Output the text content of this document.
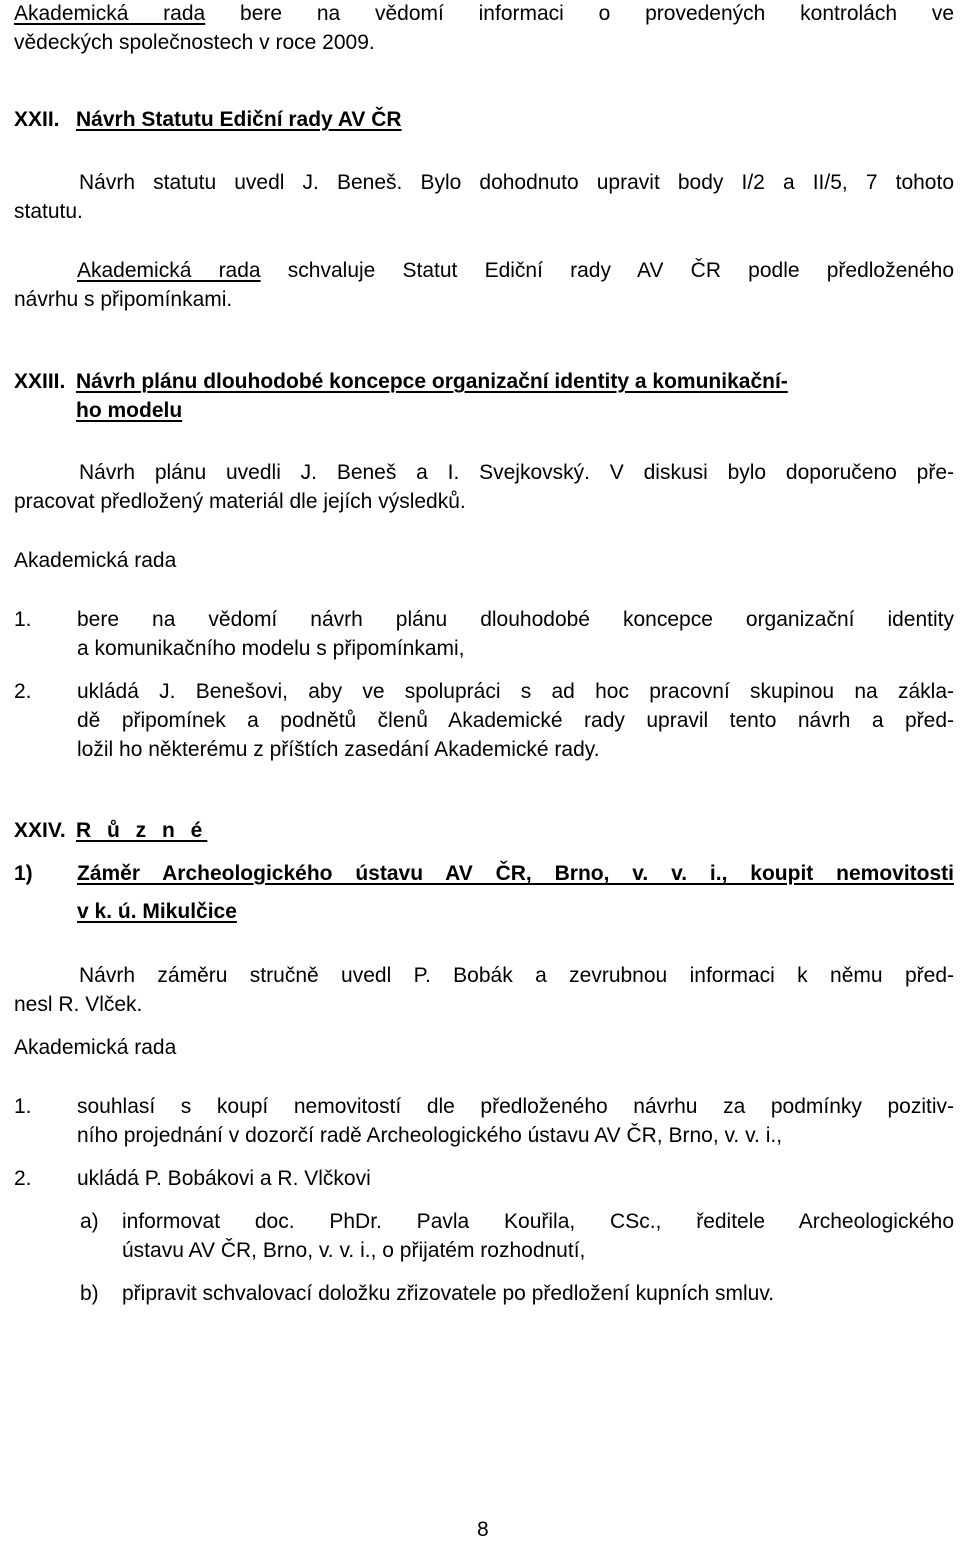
Akademická rada bere na vědomí informaci o provedených kontrolách ve
vědeckých společnostech v roce 2009.
XXII. Návrh Statutu Ediční rady AV ČR
Návrh statutu uvedl J. Beneš. Bylo dohodnuto upravit body I/2 a II/5, 7 tohoto
statutu.
Akademická rada schvaluje Statut Ediční rady AV ČR podle předloženého
návrhu s připomínkami.
XXIII. Návrh plánu dlouhodobé koncepce organizační identity a komunikační-
ho modelu
Návrh plánu uvedli J. Beneš a I. Svejkovský. V diskusi bylo doporučeno pře-
pracovat předložený materiál dle jejích výsledků.
Akademická rada
1. bere na vědomí návrh plánu dlouhodobé koncepce organizační identity
a komunikačního modelu s připomínkami,
2. ukládá J. Benešovi, aby ve spolupráci s ad hoc pracovní skupinou na zákla-
dě připomínek a podnětů členů Akademické rady upravil tento návrh a před-
ložil ho některému z příštích zasedání Akademické rady.
XXIV. R ů z n é
1) Záměr Archeologického ústavu AV ČR, Brno, v. v. i., koupit nemovitosti
v k. ú. Mikulčice
Návrh záměru stručně uvedl P. Bobák a zevrubnou informaci k němu před-
nesl R. Vlček.
Akademická rada
1. souhlasí s koupí nemovitostí dle předloženého návrhu za podmínky pozitiv-
ního projednání v dozorčí radě Archeologického ústavu AV ČR, Brno, v. v. i.,
2. ukládá P. Bobákovi a R. Vlčkovi
a) informovat doc. PhDr. Pavla Kouřila, CSc., ředitele Archeologického
ústavu AV ČR, Brno, v. v. i., o přijatém rozhodnutí,
b) připravit schvalovací doložku zřizovatele po předložení kupních smluv.
8
